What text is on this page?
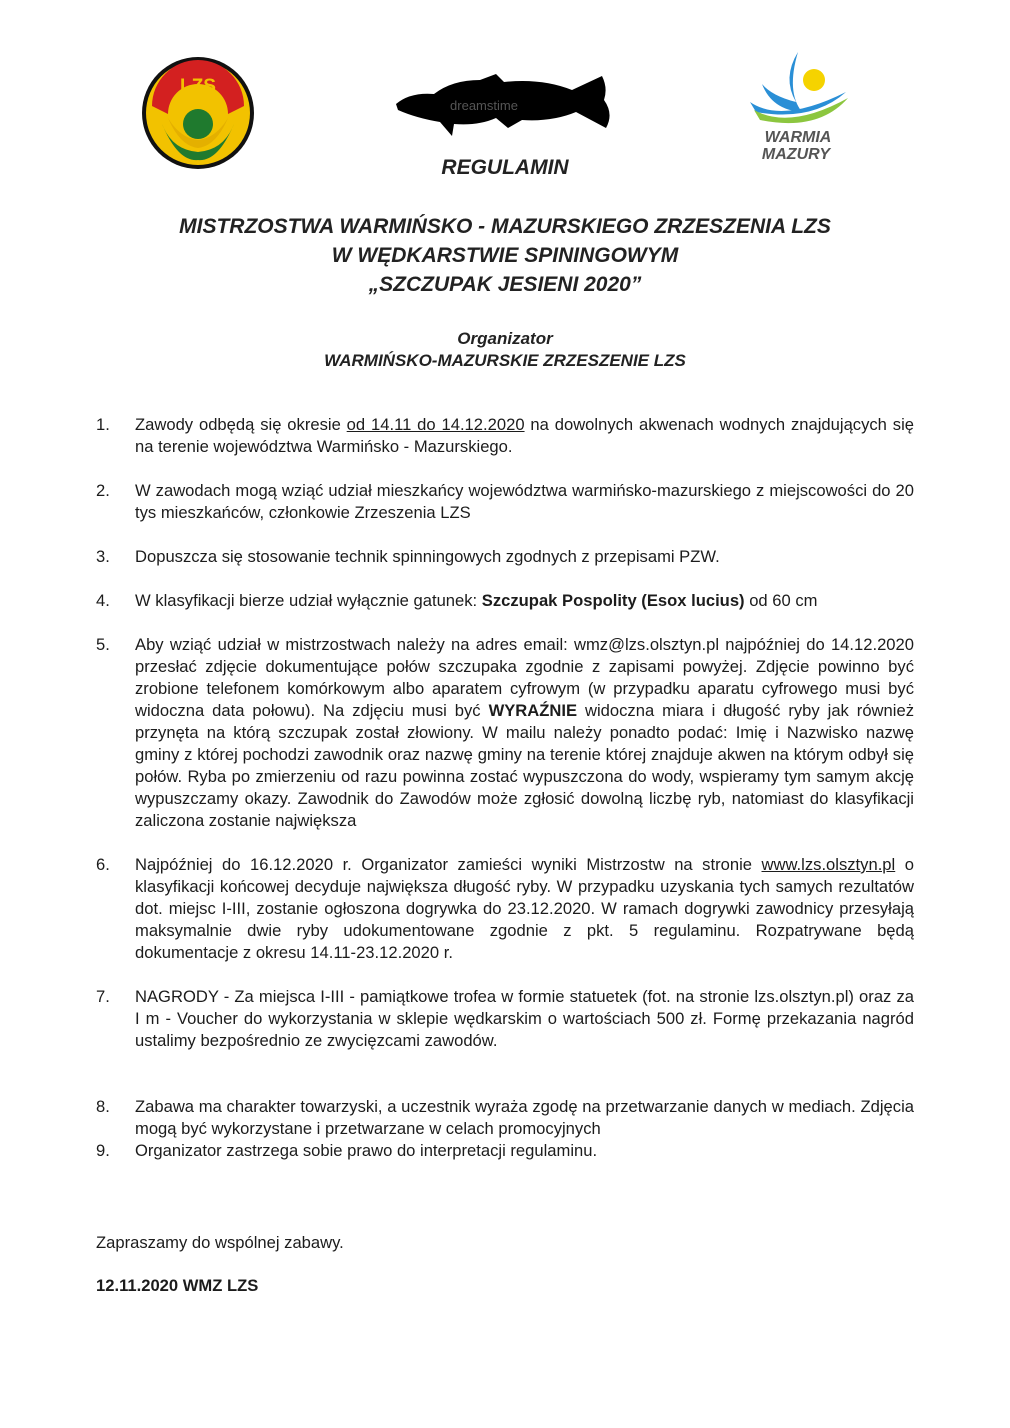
LZS
dreamstime
WARMIA
MAZURY
REGULAMIN
MISTRZOSTWA WARMIŃSKO - MAZURSKIEGO ZRZESZENIA LZS
W WĘDKARSTWIE SPININGOWYM
„SZCZUPAK JESIENI 2020”
Organizator
WARMIŃSKO-MAZURSKIE ZRZESZENIE LZS
1. Zawody odbędą się okresie od 14.11 do 14.12.2020 na dowolnych akwenach wodnych znajdujących się na terenie województwa Warmińsko - Mazurskiego.
2. W zawodach mogą wziąć udział mieszkańcy województwa warmińsko-mazurskiego z miejscowości do 20 tys mieszkańców, członkowie Zrzeszenia LZS
3. Dopuszcza się stosowanie technik spinningowych zgodnych z przepisami PZW.
4. W klasyfikacji bierze udział wyłącznie gatunek: Szczupak Pospolity (Esox lucius) od 60 cm
5. Aby wziąć udział w mistrzostwach należy na adres email: wmz@lzs.olsztyn.pl najpóźniej do 14.12.2020 przesłać zdjęcie dokumentujące połów szczupaka zgodnie z zapisami powyżej. Zdjęcie powinno być zrobione telefonem komórkowym albo aparatem cyfrowym (w przypadku aparatu cyfrowego musi być widoczna data połowu). Na zdjęciu musi być WYRAŹNIE widoczna miara i długość ryby jak również przynęta na którą szczupak został złowiony. W mailu należy ponadto podać: Imię i Nazwisko nazwę gminy z której pochodzi zawodnik oraz nazwę gminy na terenie której znajduje akwen na którym odbył się połów. Ryba po zmierzeniu od razu powinna zostać wypuszczona do wody, wspieramy tym samym akcję wypuszczamy okazy. Zawodnik do Zawodów może zgłosić dowolną liczbę ryb, natomiast do klasyfikacji zaliczona zostanie największa
6. Najpóźniej do 16.12.2020 r. Organizator zamieści wyniki Mistrzostw na stronie www.lzs.olsztyn.pl o klasyfikacji końcowej decyduje największa długość ryby. W przypadku uzyskania tych samych rezultatów dot. miejsc I-III, zostanie ogłoszona dogrywka do 23.12.2020. W ramach dogrywki zawodnicy przesyłają maksymalnie dwie ryby udokumentowane zgodnie z pkt. 5 regulaminu. Rozpatrywane będą dokumentacje z okresu 14.11-23.12.2020 r.
7. NAGRODY - Za miejsca I-III - pamiątkowe trofea w formie statuetek (fot. na stronie lzs.olsztyn.pl) oraz za I m - Voucher do wykorzystania w sklepie wędkarskim o wartościach 500 zł. Formę przekazania nagród ustalimy bezpośrednio ze zwycięzcami zawodów.
8. Zabawa ma charakter towarzyski, a uczestnik wyraża zgodę na przetwarzanie danych w mediach. Zdjęcia mogą być wykorzystane i przetwarzane w celach promocyjnych
9. Organizator zastrzega sobie prawo do interpretacji regulaminu.
Zapraszamy do wspólnej zabawy.
12.11.2020 WMZ LZS
